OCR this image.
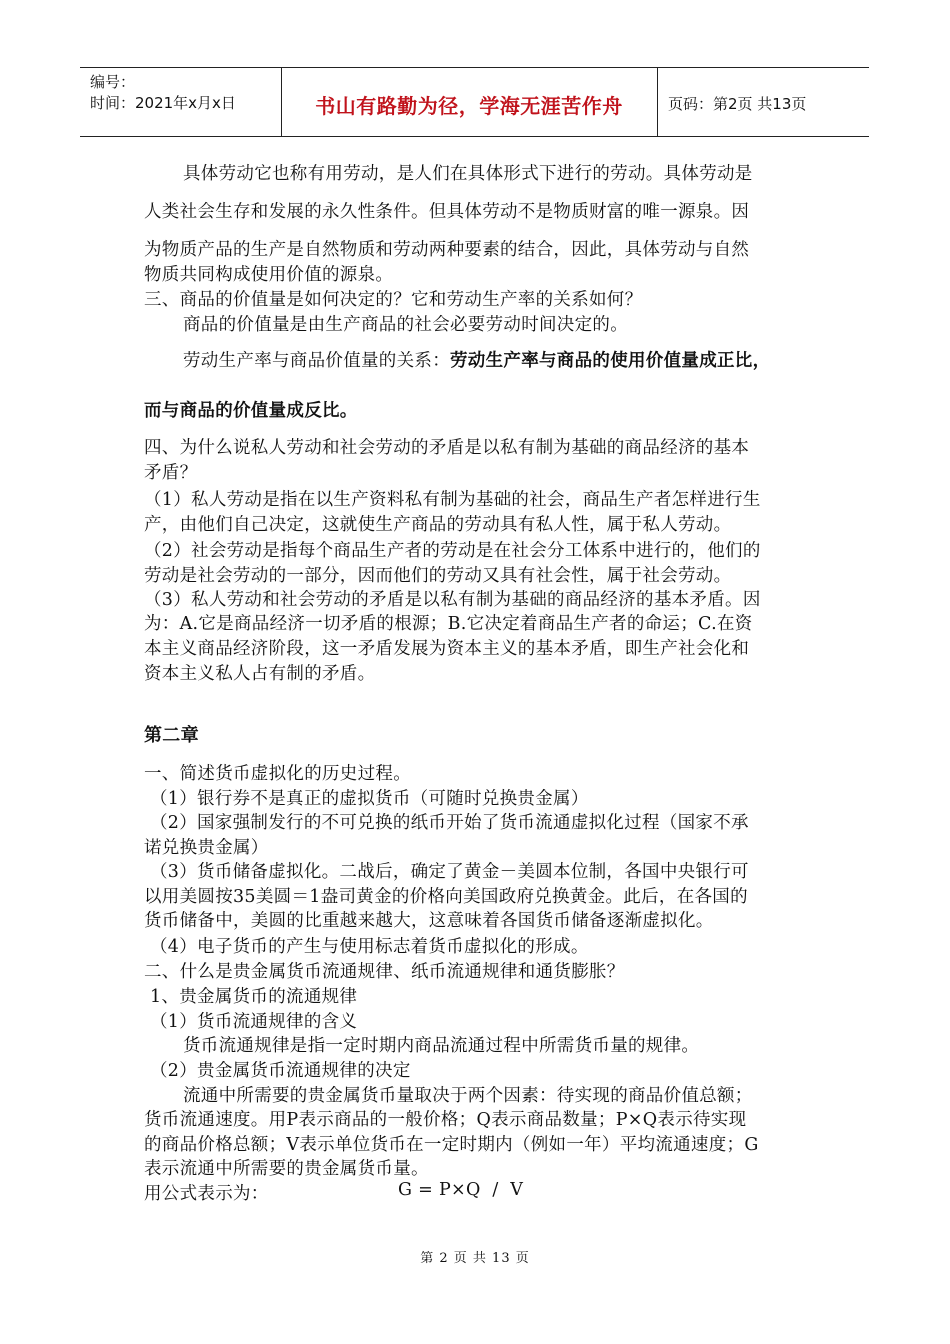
编号：
时间：2021年x月x日	书山有路勤为径，学海无涯苦作舟	页码：第2页 共13页
具体劳动它也称有用劳动，是人们在具体形式下进行的劳动。具体劳动是
人类社会生存和发展的永久性条件。但具体劳动不是物质财富的唯一源泉。因
为物质产品的生产是自然物质和劳动两种要素的结合，因此，具体劳动与自然
物质共同构成使用价值的源泉。
三、商品的价值量是如何决定的？它和劳动生产率的关系如何？
商品的价值量是由生产商品的社会必要劳动时间决定的。
劳动生产率与商品价值量的关系：劳动生产率与商品的使用价值量成正比，
而与商品的价值量成反比。
四、为什么说私人劳动和社会劳动的矛盾是以私有制为基础的商品经济的基本
矛盾？
（1）私人劳动是指在以生产资料私有制为基础的社会，商品生产者怎样进行生
产，由他们自己决定，这就使生产商品的劳动具有私人性，属于私人劳动。
（2）社会劳动是指每个商品生产者的劳动是在社会分工体系中进行的，他们的
劳动是社会劳动的一部分，因而他们的劳动又具有社会性，属于社会劳动。
（3）私人劳动和社会劳动的矛盾是以私有制为基础的商品经济的基本矛盾。因
为：A.它是商品经济一切矛盾的根源；B.它决定着商品生产者的命运；C.在资
本主义商品经济阶段，这一矛盾发展为资本主义的基本矛盾，即生产社会化和
资本主义私人占有制的矛盾。
第二章
一、简述货币虚拟化的历史过程。
（1）银行券不是真正的虚拟货币（可随时兑换贵金属）
（2）国家强制发行的不可兑换的纸币开始了货币流通虚拟化过程（国家不承
诺兑换贵金属）
（3）货币储备虚拟化。二战后，确定了黄金－美圆本位制，各国中央银行可
以用美圆按35美圆＝1盎司黄金的价格向美国政府兑换黄金。此后，在各国的
货币储备中，美圆的比重越来越大，这意味着各国货币储备逐渐虚拟化。
（4）电子货币的产生与使用标志着货币虚拟化的形成。
二、什么是贵金属货币流通规律、纸币流通规律和通货膨胀？
1、贵金属货币的流通规律
（1）货币流通规律的含义
货币流通规律是指一定时期内商品流通过程中所需货币量的规律。
（2）贵金属货币流通规律的决定
流通中所需要的贵金属货币量取决于两个因素：待实现的商品价值总额；
货币流通速度。用P表示商品的一般价格；Q表示商品数量；P×Q表示待实现
的商品价格总额；V表示单位货币在一定时期内（例如一年）平均流通速度；G
表示流通中所需要的贵金属货币量。
用公式表示为：	G = P×Q  /  V
第 2 页 共 13 页
